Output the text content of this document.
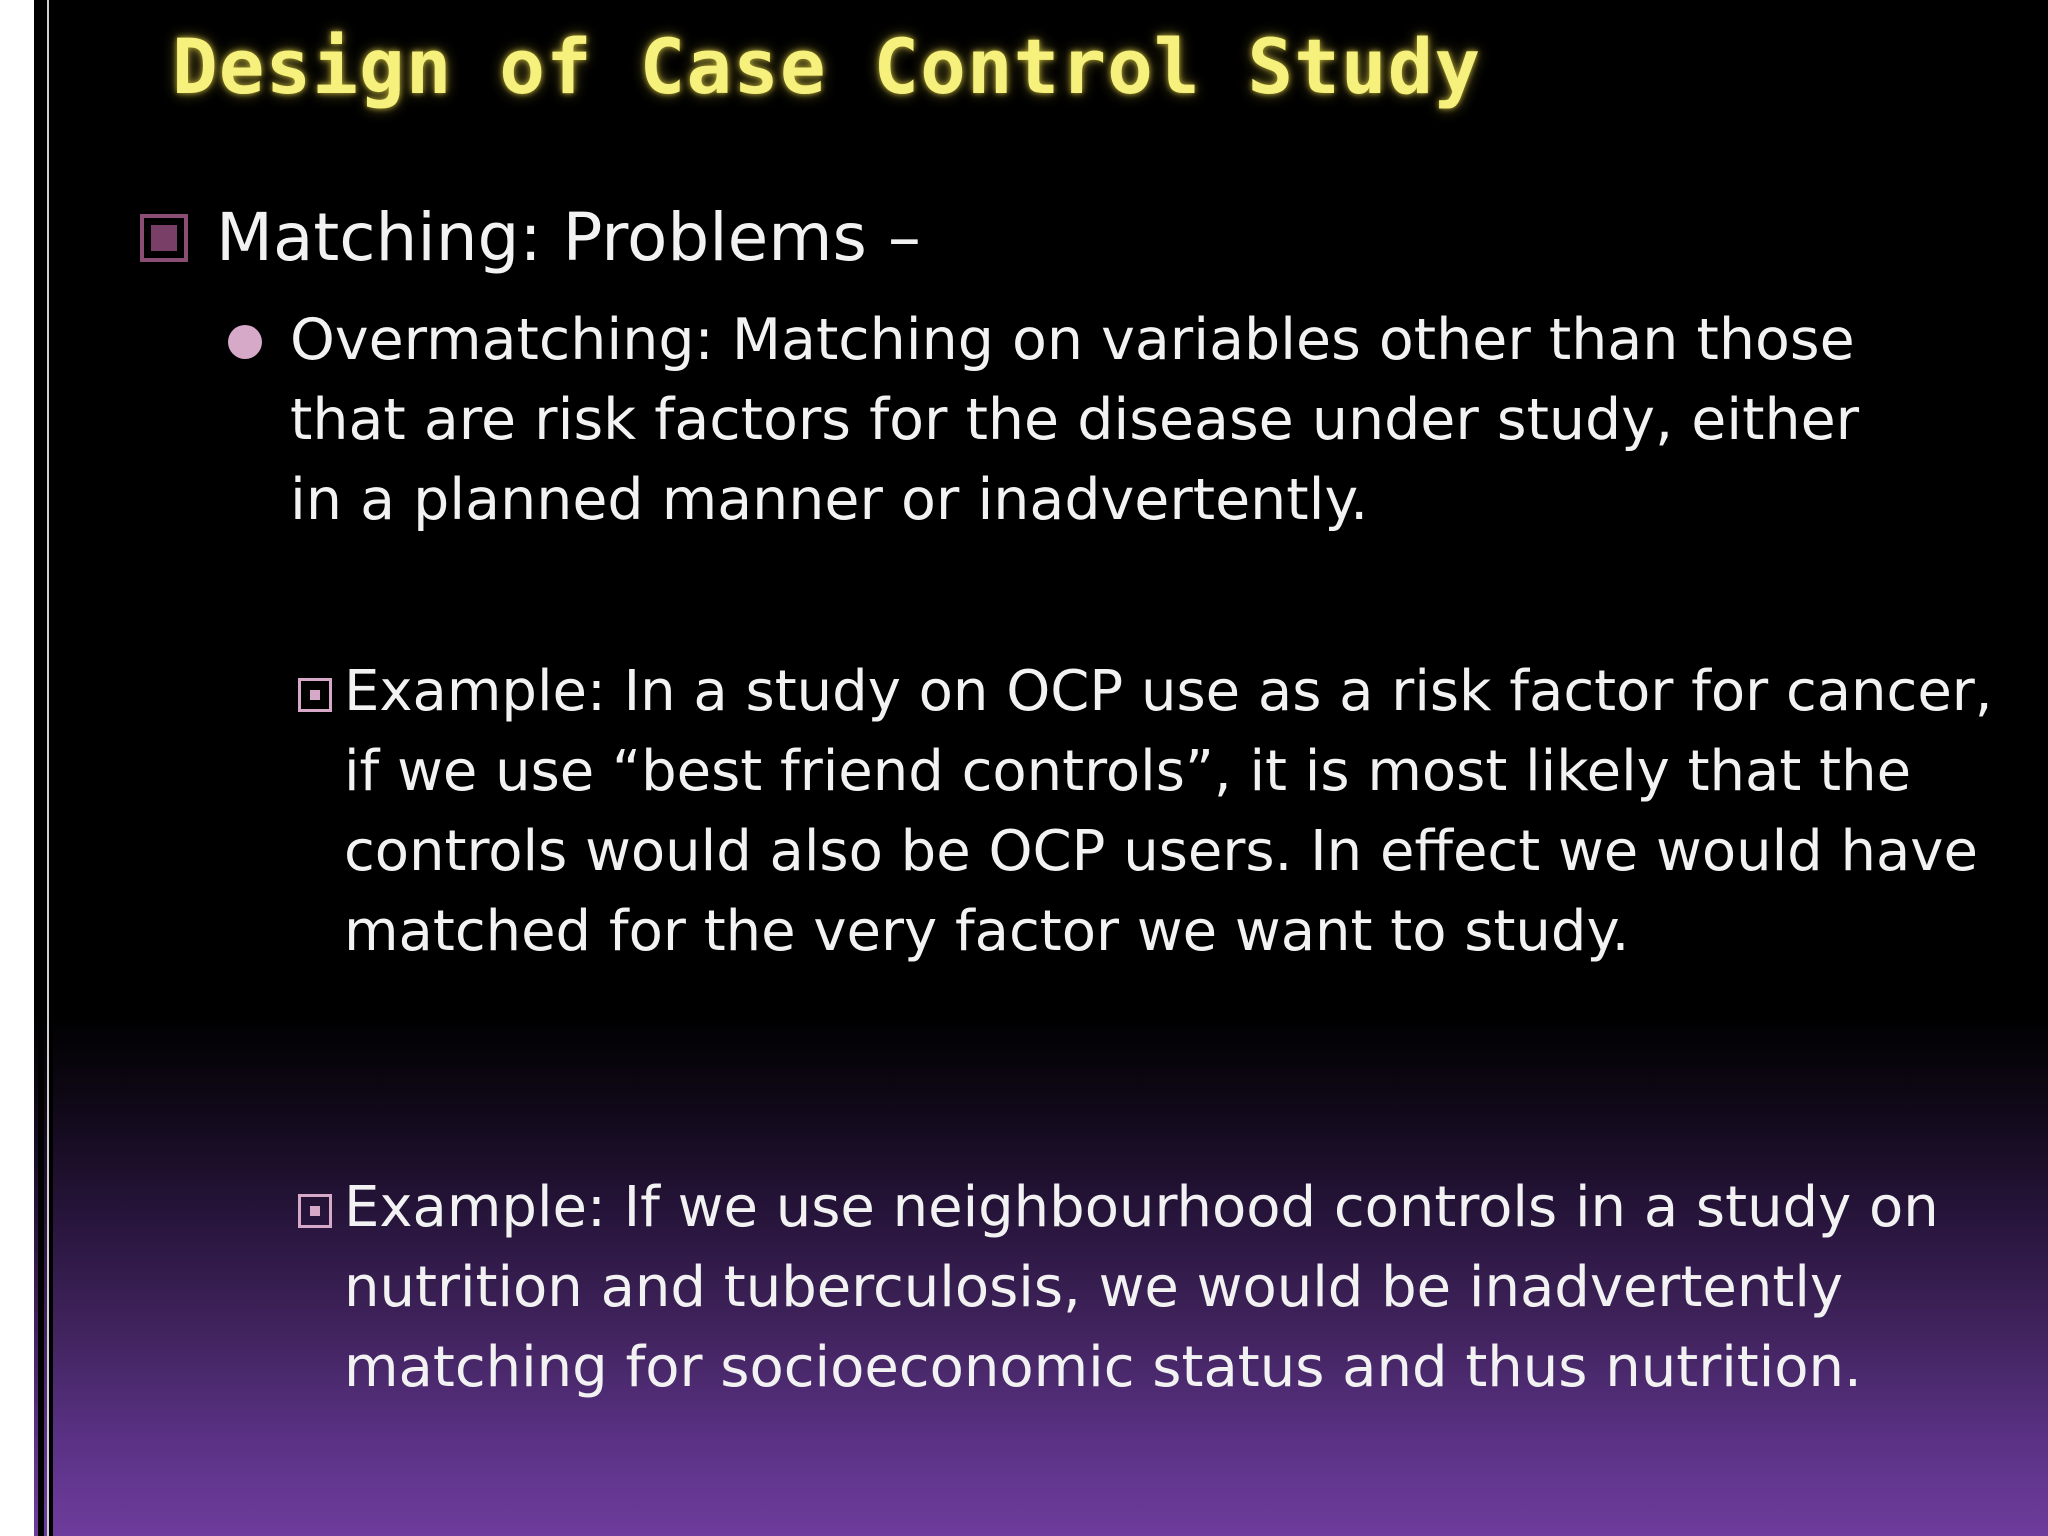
Design of Case Control Study
Matching: Problems –
Overmatching: Matching on variables other than those that are risk factors for the disease under study, either in a planned manner or inadvertently.
Example: In a study on OCP use as a risk factor for cancer, if we use “best friend controls”, it is most likely that the controls would also be OCP users. In effect we would have matched for the very factor we want to study.
Example: If we use neighbourhood controls in a study on nutrition and tuberculosis, we would be inadvertently matching for socioeconomic status and thus nutrition.
